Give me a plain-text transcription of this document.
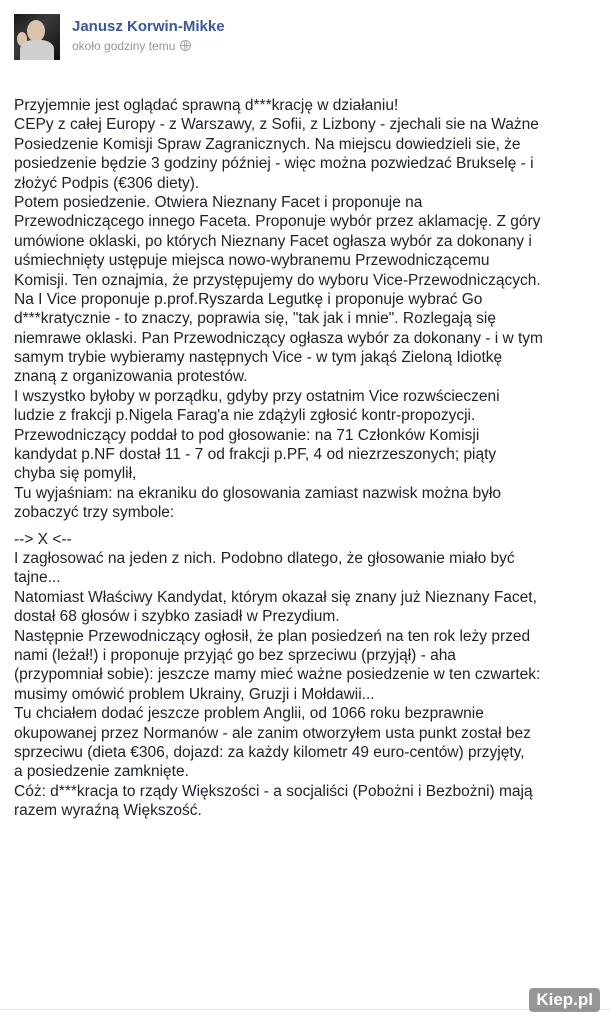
Janusz Korwin-Mikke
około godziny temu
Przyjemnie jest oglądać sprawną d***krację w działaniu!
CEPy z całej Europy - z Warszawy, z Sofii, z Lizbony - zjechali sie na Ważne
Posiedzenie Komisji Spraw Zagranicznych. Na miejscu dowiedzieli sie, że
posiedzenie będzie 3 godziny później - więc można pozwiedzać Brukselę - i
złożyć Podpis (€306 diety).
Potem posiedzenie. Otwiera Nieznany Facet i proponuje na
Przewodniczącego innego Faceta. Proponuje wybór przez aklamację. Z góry
umówione oklaski, po których Nieznany Facet ogłasza wybór za dokonany i
uśmiechnięty ustępuje miejsca nowo-wybranemu Przewodniczącemu
Komisji. Ten oznajmia, że przystępujemy do wyboru Vice-Przewodniczących.
Na I Vice proponuje p.prof.Ryszarda Legutkę i proponuje wybrać Go
d***kratycznie - to znaczy, poprawia się, "tak jak i mnie". Rozlegają się
niemrawe oklaski. Pan Przewodniczący ogłasza wybór za dokonany - i w tym
samym trybie wybieramy następnych Vice - w tym jakąś Zieloną Idiotkę
znaną z organizowania protestów.
I wszystko byłoby w porządku, gdyby przy ostatnim Vice rozwścieczeni
ludzie z frakcji p.Nigela Farag'a nie zdążyli zgłosić kontr-propozycji.
Przewodniczący poddał to pod głosowanie: na 71 Członków Komisji
kandydat p.NF dostał 11 - 7 od frakcji p.PF, 4 od niezrzeszonych; piąty
chyba się pomylił,
Tu wyjaśniam: na ekraniku do glosowania zamiast nazwisk można było
zobaczyć trzy symbole:
--> X <--
I zagłosować na jeden z nich. Podobno dlatego, że głosowanie miało być
tajne...
Natomiast Właściwy Kandydat, którym okazał się znany już Nieznany Facet,
dostał 68 głosów i szybko zasiadł w Prezydium.
Następnie Przewodniczący ogłosił, że plan posiedzeń na ten rok leży przed
nami (leżał!) i proponuje przyjąć go bez sprzeciwu (przyjął) - aha
(przypomniał sobie): jeszcze mamy mieć ważne posiedzenie w ten czwartek:
musimy omówić problem Ukrainy, Gruzji i Mołdawii...
Tu chciałem dodać jeszcze problem Anglii, od 1066 roku bezprawnie
okupowanej przez Normanów - ale zanim otworzyłem usta punkt został bez
sprzeciwu (dieta €306, dojazd: za każdy kilometr 49 euro-centów) przyjęty,
a posiedzenie zamknięte.
Cóż: d***kracja to rządy Większości - a socjaliści (Pobożni i Bezbożni) mają
razem wyraźną Większość.
Kiep.pl
